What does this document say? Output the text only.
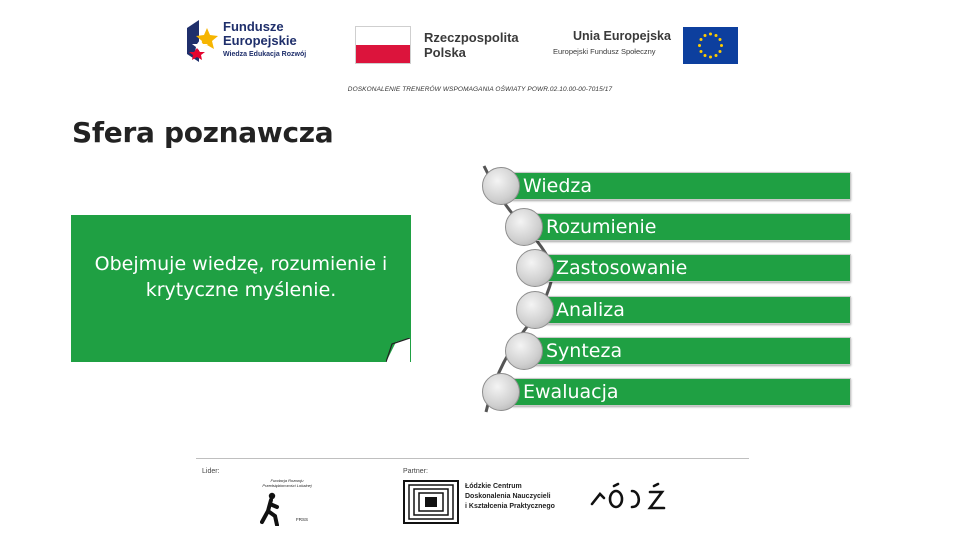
Fundusze
Europejskie
Wiedza Edukacja Rozwój
Rzeczpospolita
Polska
Unia Europejska
Europejski Fundusz Społeczny
DOSKONALENIE TRENERÓW WSPOMAGANIA OŚWIATY POWR.02.10.00-00-7015/17
Sfera poznawcza
Obejmuje wiedzę, rozumienie i krytyczne myślenie.
Wiedza
Rozumienie
Zastosowanie
Analiza
Synteza
Ewaluacja
Lider:	Partner:
Fundacja Rozwoju Przedsiębiorczości Lokalnej
FRSS
Łódzkie Centrum
Doskonalenia Nauczycieli
i Kształcenia Praktycznego
